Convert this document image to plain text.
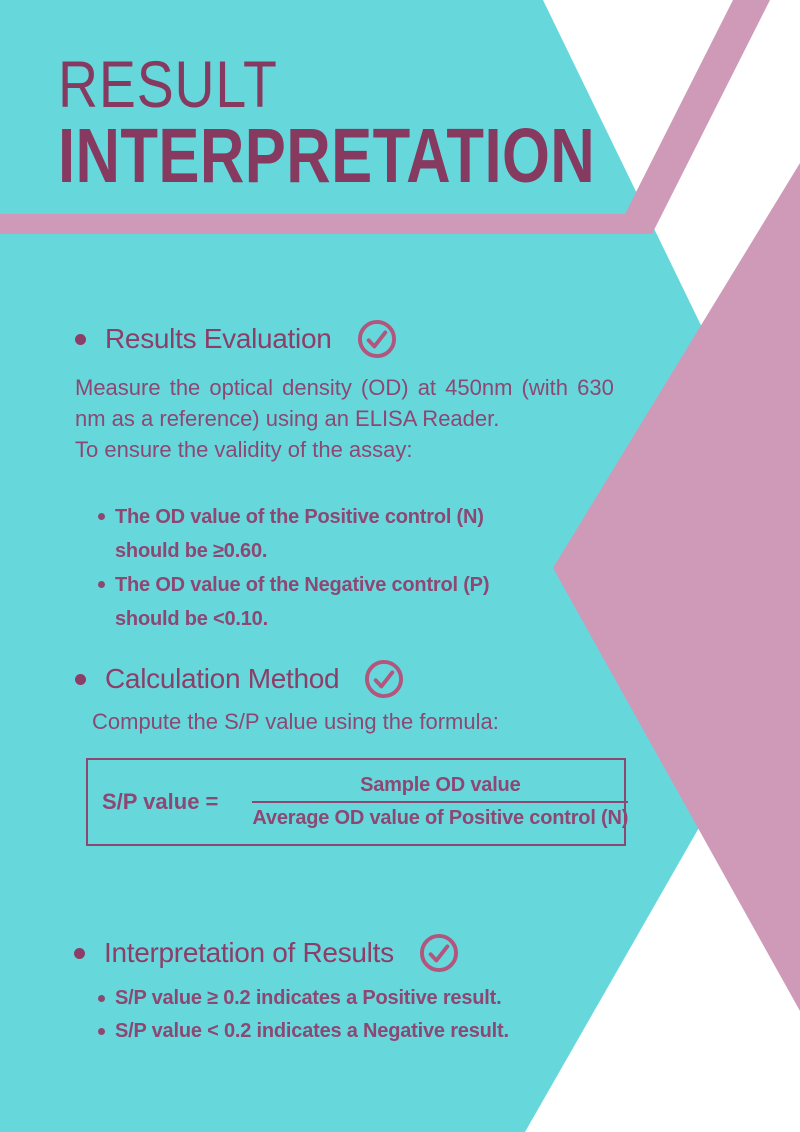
RESULT
INTERPRETATION
Results Evaluation
Measure the optical density (OD) at 450nm (with 630
nm as a reference) using an ELISA Reader.
To ensure the validity of the assay:
The OD value of the Positive control (N)
should be ≥0.60.
The OD value of the Negative control (P)
should be <0.10.
Calculation Method
Compute the S/P value using the formula:
S/P value = $\frac{\text{Sample OD value}}{\text{Average OD value of Positive control (N)}}$
Interpretation of Results
S/P value ≥ 0.2 indicates a Positive result.
S/P value < 0.2 indicates a Negative result.
